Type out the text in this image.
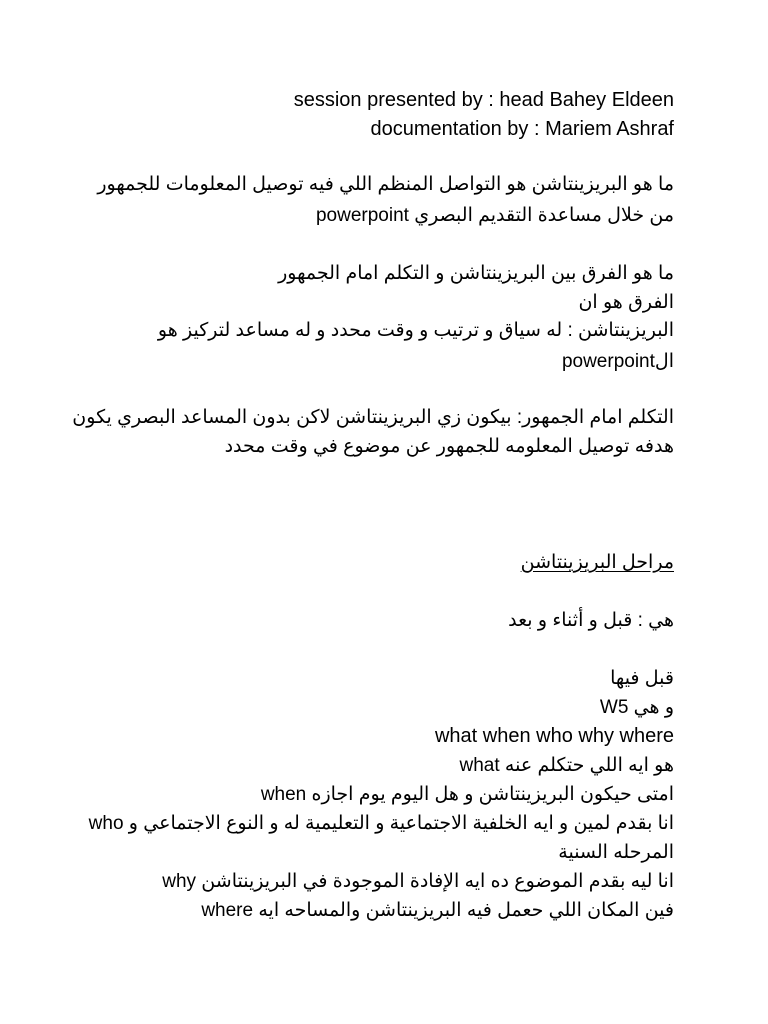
session presented by : head Bahey Eldeen
documentation by : Mariem Ashraf
ما هو البريزينتاشن هو التواصل المنظم اللي فيه توصيل المعلومات للجمهور
من خلال مساعدة التقديم البصري powerpoint
ما هو الفرق بين البريزينتاشن و التكلم امام الجمهور
الفرق هو ان
البريزينتاشن : له سياق و ترتيب و وقت محدد و له مساعد لتركيز هو
الpowerpoint
التكلم امام الجمهور: بيكون زي البريزينتاشن لاكن بدون المساعد البصري يكون
هدفه توصيل المعلومه للجمهور عن موضوع في وقت محدد
مراحل البريزينتاشن
هي : قبل و أثناء و بعد
قبل فيها
و هي W5
what when who why where
هو ايه اللي حتكلم عنه what
امتى حيكون البريزينتاشن و هل اليوم يوم اجازه when
انا بقدم لمين و ايه الخلفية الاجتماعية و التعليمية له و النوع الاجتماعي و who
المرحله السنية
انا ليه بقدم الموضوع ده ايه الإفادة الموجودة في البريزينتاشن why
فين المكان اللي حعمل فيه البريزينتاشن والمساحه ايه where
